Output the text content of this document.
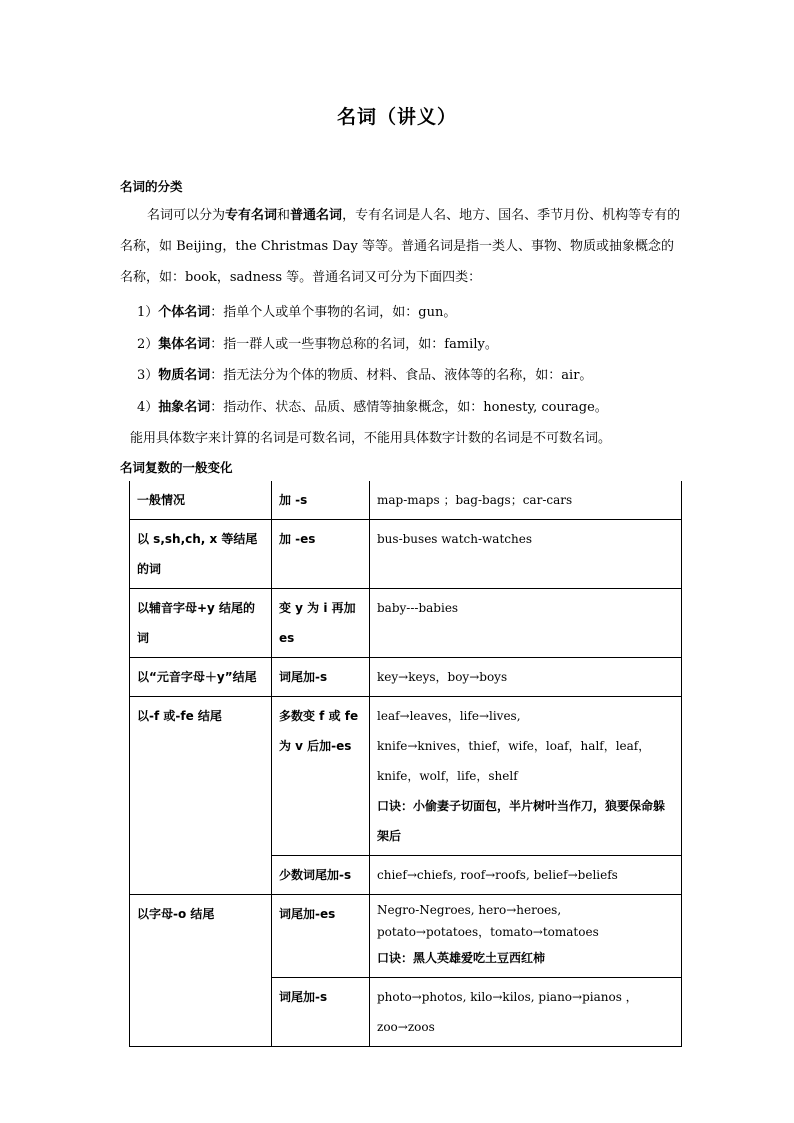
名词（讲义）
名词的分类
名词可以分为专有名词和普通名词，专有名词是人名、地方、国名、季节月份、机构等专有的名称，如 Beijing，the Christmas Day 等等。普通名词是指一类人、事物、物质或抽象概念的名称，如：book，sadness 等。普通名词又可分为下面四类：
1）个体名词：指单个人或单个事物的名词，如：gun。
2）集体名词：指一群人或一些事物总称的名词，如：family。
3）物质名词：指无法分为个体的物质、材料、食品、液体等的名称，如：air。
4）抽象名词：指动作、状态、品质、感情等抽象概念，如：honesty, courage。
能用具体数字来计算的名词是可数名词，不能用具体数字计数的名词是不可数名词。
名词复数的一般变化
一般情况	加 -s	map-maps ；bag-bags；car-cars
以 s,sh,ch, x 等结尾的词	加 -es	bus-buses watch-watches
以辅音字母+y 结尾的词	变 y 为 i 再加 es	baby---babies
以“元音字母＋y”结尾	词尾加-s	key→keys，boy→boys
以-f 或-fe 结尾	多数变 f 或 fe 为 v 后加-es	leaf→leaves，life→lives,
knife→knives，thief，wife，loaf，half，leaf，knife，wolf，life，shelf
口诀：小偷妻子切面包，半片树叶当作刀，狼要保命躲架后

	少数词尾加-s	chief→chiefs, roof→roofs, belief→beliefs
以字母-o 结尾	词尾加-es	Negro-Negroes, hero→heroes, potato→potatoes，tomato→tomatoes
口诀：黑人英雄爱吃土豆西红柿

	词尾加-s	photo→photos, kilo→kilos, piano→pianos ，zoo→zoos
